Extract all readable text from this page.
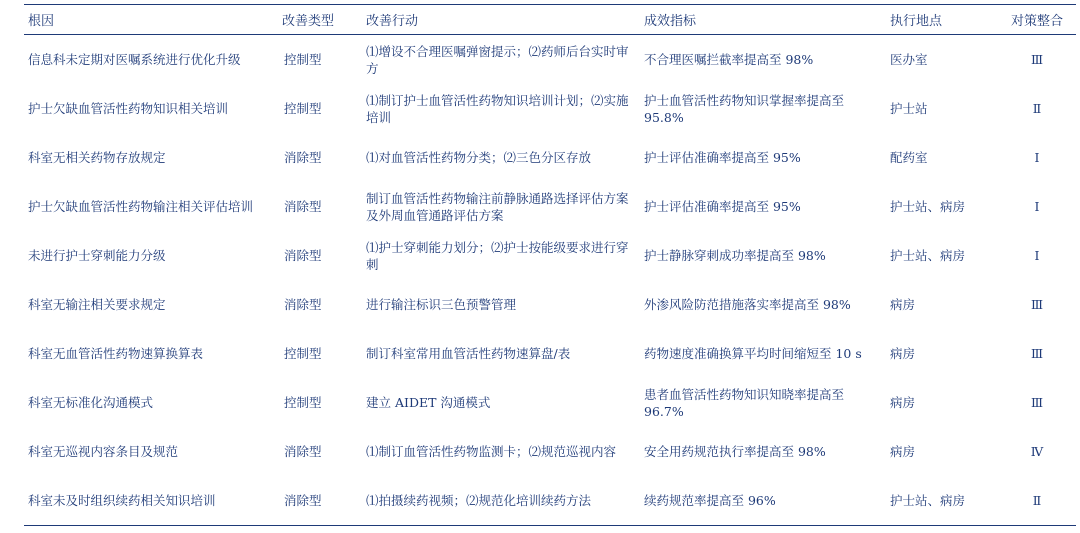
根因	改善类型	改善行动	成效指标	执行地点	对策整合
信息科未定期对医嘱系统进行优化升级	控制型	⑴增设不合理医嘱弹窗提示；⑵药师后台实时审方	不合理医嘱拦截率提高至 98%	医办室	Ⅲ
护士欠缺血管活性药物知识相关培训	控制型	⑴制订护士血管活性药物知识培训计划；⑵实施培训	护士血管活性药物知识掌握率提高至 95.8%	护士站	Ⅱ
科室无相关药物存放规定	消除型	⑴对血管活性药物分类；⑵三色分区存放	护士评估准确率提高至 95%	配药室	Ⅰ
护士欠缺血管活性药物输注相关评估培训	消除型	制订血管活性药物输注前静脉通路选择评估方案及外周血管通路评估方案	护士评估准确率提高至 95%	护士站、病房	Ⅰ
未进行护士穿刺能力分级	消除型	⑴护士穿刺能力划分；⑵护士按能级要求进行穿刺	护士静脉穿刺成功率提高至 98%	护士站、病房	Ⅰ
科室无输注相关要求规定	消除型	进行输注标识三色预警管理	外渗风险防范措施落实率提高至 98%	病房	Ⅲ
科室无血管活性药物速算换算表	控制型	制订科室常用血管活性药物速算盘/表	药物速度准确换算平均时间缩短至 10 s	病房	Ⅲ
科室无标准化沟通模式	控制型	建立 AIDET 沟通模式	患者血管活性药物知识知晓率提高至 96.7%	病房	Ⅲ
科室无巡视内容条目及规范	消除型	⑴制订血管活性药物监测卡；⑵规范巡视内容	安全用药规范执行率提高至 98%	病房	Ⅳ
科室未及时组织续药相关知识培训	消除型	⑴拍摄续药视频；⑵规范化培训续药方法	续药规范率提高至 96%	护士站、病房	Ⅱ
